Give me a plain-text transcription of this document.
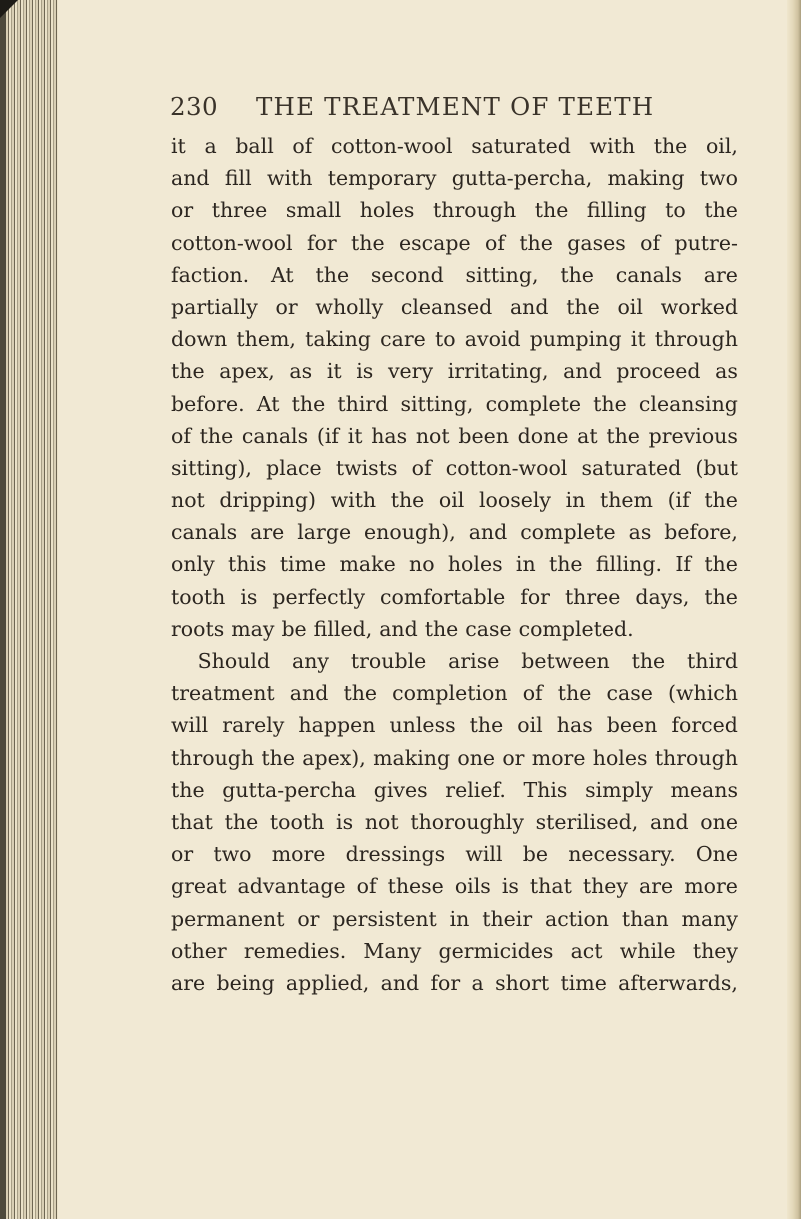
230 THE TREATMENT OF TEETH
it a ball of cotton-wool saturated with the oil,
and fill with temporary gutta-percha, making two
or three small holes through the filling to the
cotton-wool for the escape of the gases of putre-
faction. At the second sitting, the canals are
partially or wholly cleansed and the oil worked
down them, taking care to avoid pumping it through
the apex, as it is very irritating, and proceed as
before. At the third sitting, complete the cleansing
of the canals (if it has not been done at the previous
sitting), place twists of cotton-wool saturated (but
not dripping) with the oil loosely in them (if the
canals are large enough), and complete as before,
only this time make no holes in the filling. If the
tooth is perfectly comfortable for three days, the
roots may be filled, and the case completed.
Should any trouble arise between the third
treatment and the completion of the case (which
will rarely happen unless the oil has been forced
through the apex), making one or more holes through
the gutta-percha gives relief. This simply means
that the tooth is not thoroughly sterilised, and one
or two more dressings will be necessary. One
great advantage of these oils is that they are more
permanent or persistent in their action than many
other remedies. Many germicides act while they
are being applied, and for a short time afterwards,
